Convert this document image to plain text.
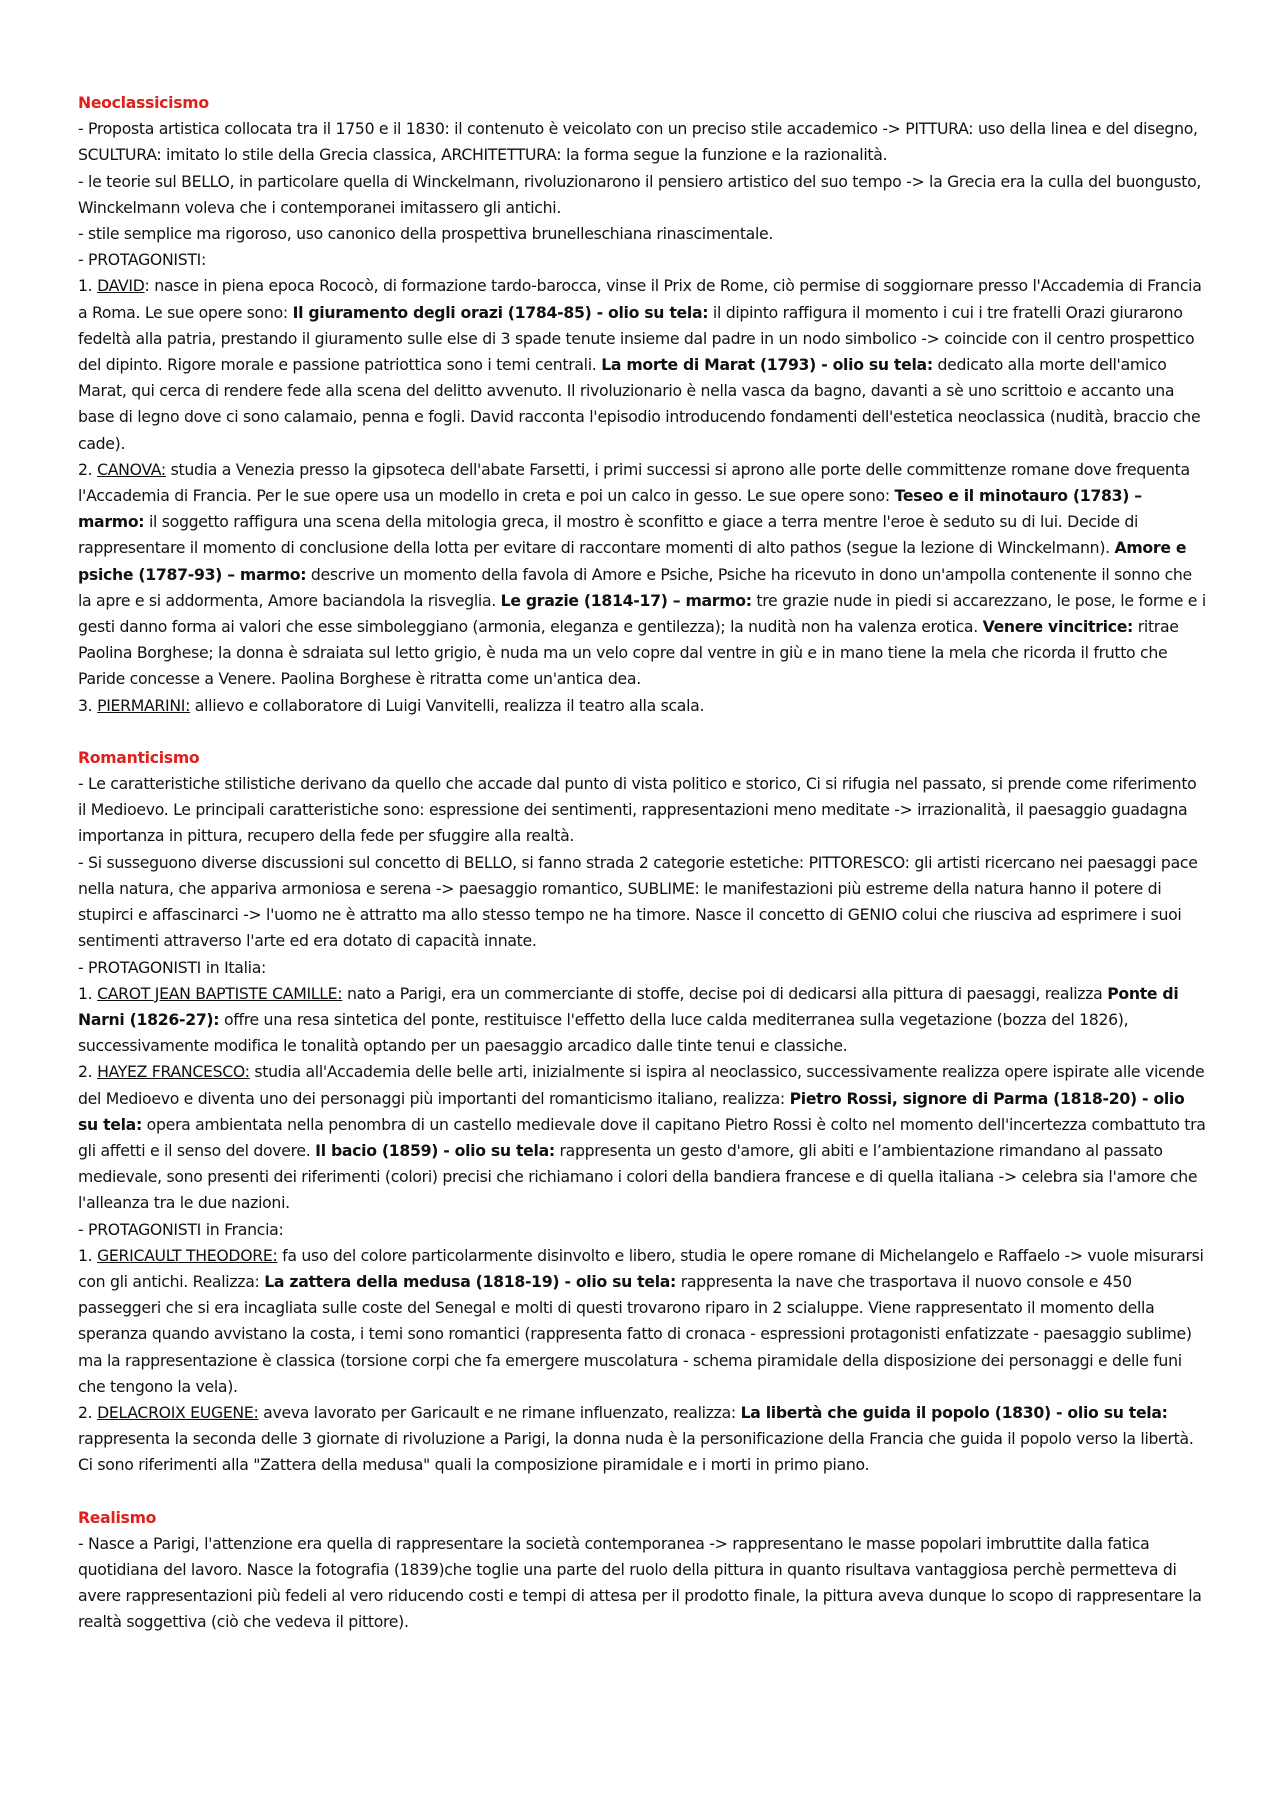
Neoclassicismo

- Proposta artistica collocata tra il 1750 e il 1830: il contenuto è veicolato con un preciso stile accademico -> PITTURA: uso della linea e del disegno, SCULTURA: imitato lo stile della Grecia classica, ARCHITETTURA: la forma segue la funzione e la razionalità.

- le teorie sul BELLO, in particolare quella di Winckelmann, rivoluzionarono il pensiero artistico del suo tempo -> la Grecia era la culla del buongusto, Winckelmann voleva che i contemporanei imitassero gli antichi.

- stile semplice ma rigoroso, uso canonico della prospettiva brunelleschiana rinascimentale.

- PROTAGONISTI:

1. DAVID: nasce in piena epoca Rococò, di formazione tardo-barocca, vinse il Prix de Rome, ciò permise di soggiornare presso l'Accademia di Francia a Roma. Le sue opere sono: Il giuramento degli orazi (1784-85) - olio su tela: il dipinto raffigura il momento i cui i tre fratelli Orazi giurarono fedeltà alla patria, prestando il giuramento sulle else di 3 spade tenute insieme dal padre in un nodo simbolico -> coincide con il centro prospettico del dipinto. Rigore morale e passione patriottica sono i temi centrali. La morte di Marat (1793) - olio su tela: dedicato alla morte dell'amico Marat, qui cerca di rendere fede alla scena del delitto avvenuto. Il rivoluzionario è nella vasca da bagno, davanti a sè uno scrittoio e accanto una base di legno dove ci sono calamaio, penna e fogli. David racconta l'episodio introducendo fondamenti dell'estetica neoclassica (nudità, braccio che cade).

2. CANOVA: studia a Venezia presso la gipsoteca dell'abate Farsetti, i primi successi si aprono alle porte delle committenze romane dove frequenta l'Accademia di Francia. Per le sue opere usa un modello in creta e poi un calco in gesso. Le sue opere sono: Teseo e il minotauro (1783) – marmo: il soggetto raffigura una scena della mitologia greca, il mostro è sconfitto e giace a terra mentre l'eroe è seduto su di lui. Decide di rappresentare il momento di conclusione della lotta per evitare di raccontare momenti di alto pathos (segue la lezione di Winckelmann). Amore e psiche (1787-93) – marmo: descrive un momento della favola di Amore e Psiche, Psiche ha ricevuto in dono un'ampolla contenente il sonno che la apre e si addormenta, Amore baciandola la risveglia. Le grazie (1814-17) – marmo: tre grazie nude in piedi si accarezzano, le pose, le forme e i gesti danno forma ai valori che esse simboleggiano (armonia, eleganza e gentilezza); la nudità non ha valenza erotica. Venere vincitrice: ritrae Paolina Borghese; la donna è sdraiata sul letto grigio, è nuda ma un velo copre dal ventre in giù e in mano tiene la mela che ricorda il frutto che Paride concesse a Venere. Paolina Borghese è ritratta come un'antica dea.

3. PIERMARINI: allievo e collaboratore di Luigi Vanvitelli, realizza il teatro alla scala.

Romanticismo

- Le caratteristiche stilistiche derivano da quello che accade dal punto di vista politico e storico, Ci si rifugia nel passato, si prende come riferimento il Medioevo. Le principali caratteristiche sono: espressione dei sentimenti, rappresentazioni meno meditate -> irrazionalità, il paesaggio guadagna importanza in pittura, recupero della fede per sfuggire alla realtà.

- Si susseguono diverse discussioni sul concetto di BELLO, si fanno strada 2 categorie estetiche: PITTORESCO: gli artisti ricercano nei paesaggi pace nella natura, che appariva armoniosa e serena -> paesaggio romantico, SUBLIME: le manifestazioni più estreme della natura hanno il potere di stupirci e affascinarci -> l'uomo ne è attratto ma allo stesso tempo ne ha timore. Nasce il concetto di GENIO colui che riusciva ad esprimere i suoi sentimenti attraverso l'arte ed era dotato di capacità innate.

- PROTAGONISTI in Italia:

1. CAROT JEAN BAPTISTE CAMILLE: nato a Parigi, era un commerciante di stoffe, decise poi di dedicarsi alla pittura di paesaggi, realizza Ponte di Narni (1826-27): offre una resa sintetica del ponte, restituisce l'effetto della luce calda mediterranea sulla vegetazione (bozza del 1826), successivamente modifica le tonalità optando per un paesaggio arcadico dalle tinte tenui e classiche.

2. HAYEZ FRANCESCO: studia all'Accademia delle belle arti, inizialmente si ispira al neoclassico, successivamente realizza opere ispirate alle vicende del Medioevo e diventa uno dei personaggi più importanti del romanticismo italiano, realizza: Pietro Rossi, signore di Parma (1818-20) - olio su tela: opera ambientata nella penombra di un castello medievale dove il capitano Pietro Rossi è colto nel momento dell'incertezza combattuto tra gli affetti e il senso del dovere. Il bacio (1859) - olio su tela: rappresenta un gesto d'amore, gli abiti e l’ambientazione rimandano al passato medievale, sono presenti dei riferimenti (colori) precisi che richiamano i colori della bandiera francese e di quella italiana -> celebra sia l'amore che l'alleanza tra le due nazioni.

- PROTAGONISTI in Francia:

1. GERICAULT THEODORE: fa uso del colore particolarmente disinvolto e libero, studia le opere romane di Michelangelo e Raffaelo -> vuole misurarsi con gli antichi. Realizza: La zattera della medusa (1818-19) - olio su tela: rappresenta la nave che trasportava il nuovo console e 450 passeggeri che si era incagliata sulle coste del Senegal e molti di questi trovarono riparo in 2 scialuppe. Viene rappresentato il momento della speranza quando avvistano la costa, i temi sono romantici (rappresenta fatto di cronaca - espressioni protagonisti enfatizzate - paesaggio sublime) ma la rappresentazione è classica (torsione corpi che fa emergere muscolatura - schema piramidale della disposizione dei personaggi e delle funi che tengono la vela).

2. DELACROIX EUGENE: aveva lavorato per Garicault e ne rimane influenzato, realizza: La libertà che guida il popolo (1830) - olio su tela: rappresenta la seconda delle 3 giornate di rivoluzione a Parigi, la donna nuda è la personificazione della Francia che guida il popolo verso la libertà. Ci sono riferimenti alla "Zattera della medusa" quali la composizione piramidale e i morti in primo piano.

Realismo

- Nasce a Parigi, l'attenzione era quella di rappresentare la società contemporanea -> rappresentano le masse popolari imbruttite dalla fatica quotidiana del lavoro. Nasce la fotografia (1839)che toglie una parte del ruolo della pittura in quanto risultava vantaggiosa perchè permetteva di avere rappresentazioni più fedeli al vero riducendo costi e tempi di attesa per il prodotto finale, la pittura aveva dunque lo scopo di rappresentare la realtà soggettiva (ciò che vedeva il pittore).
